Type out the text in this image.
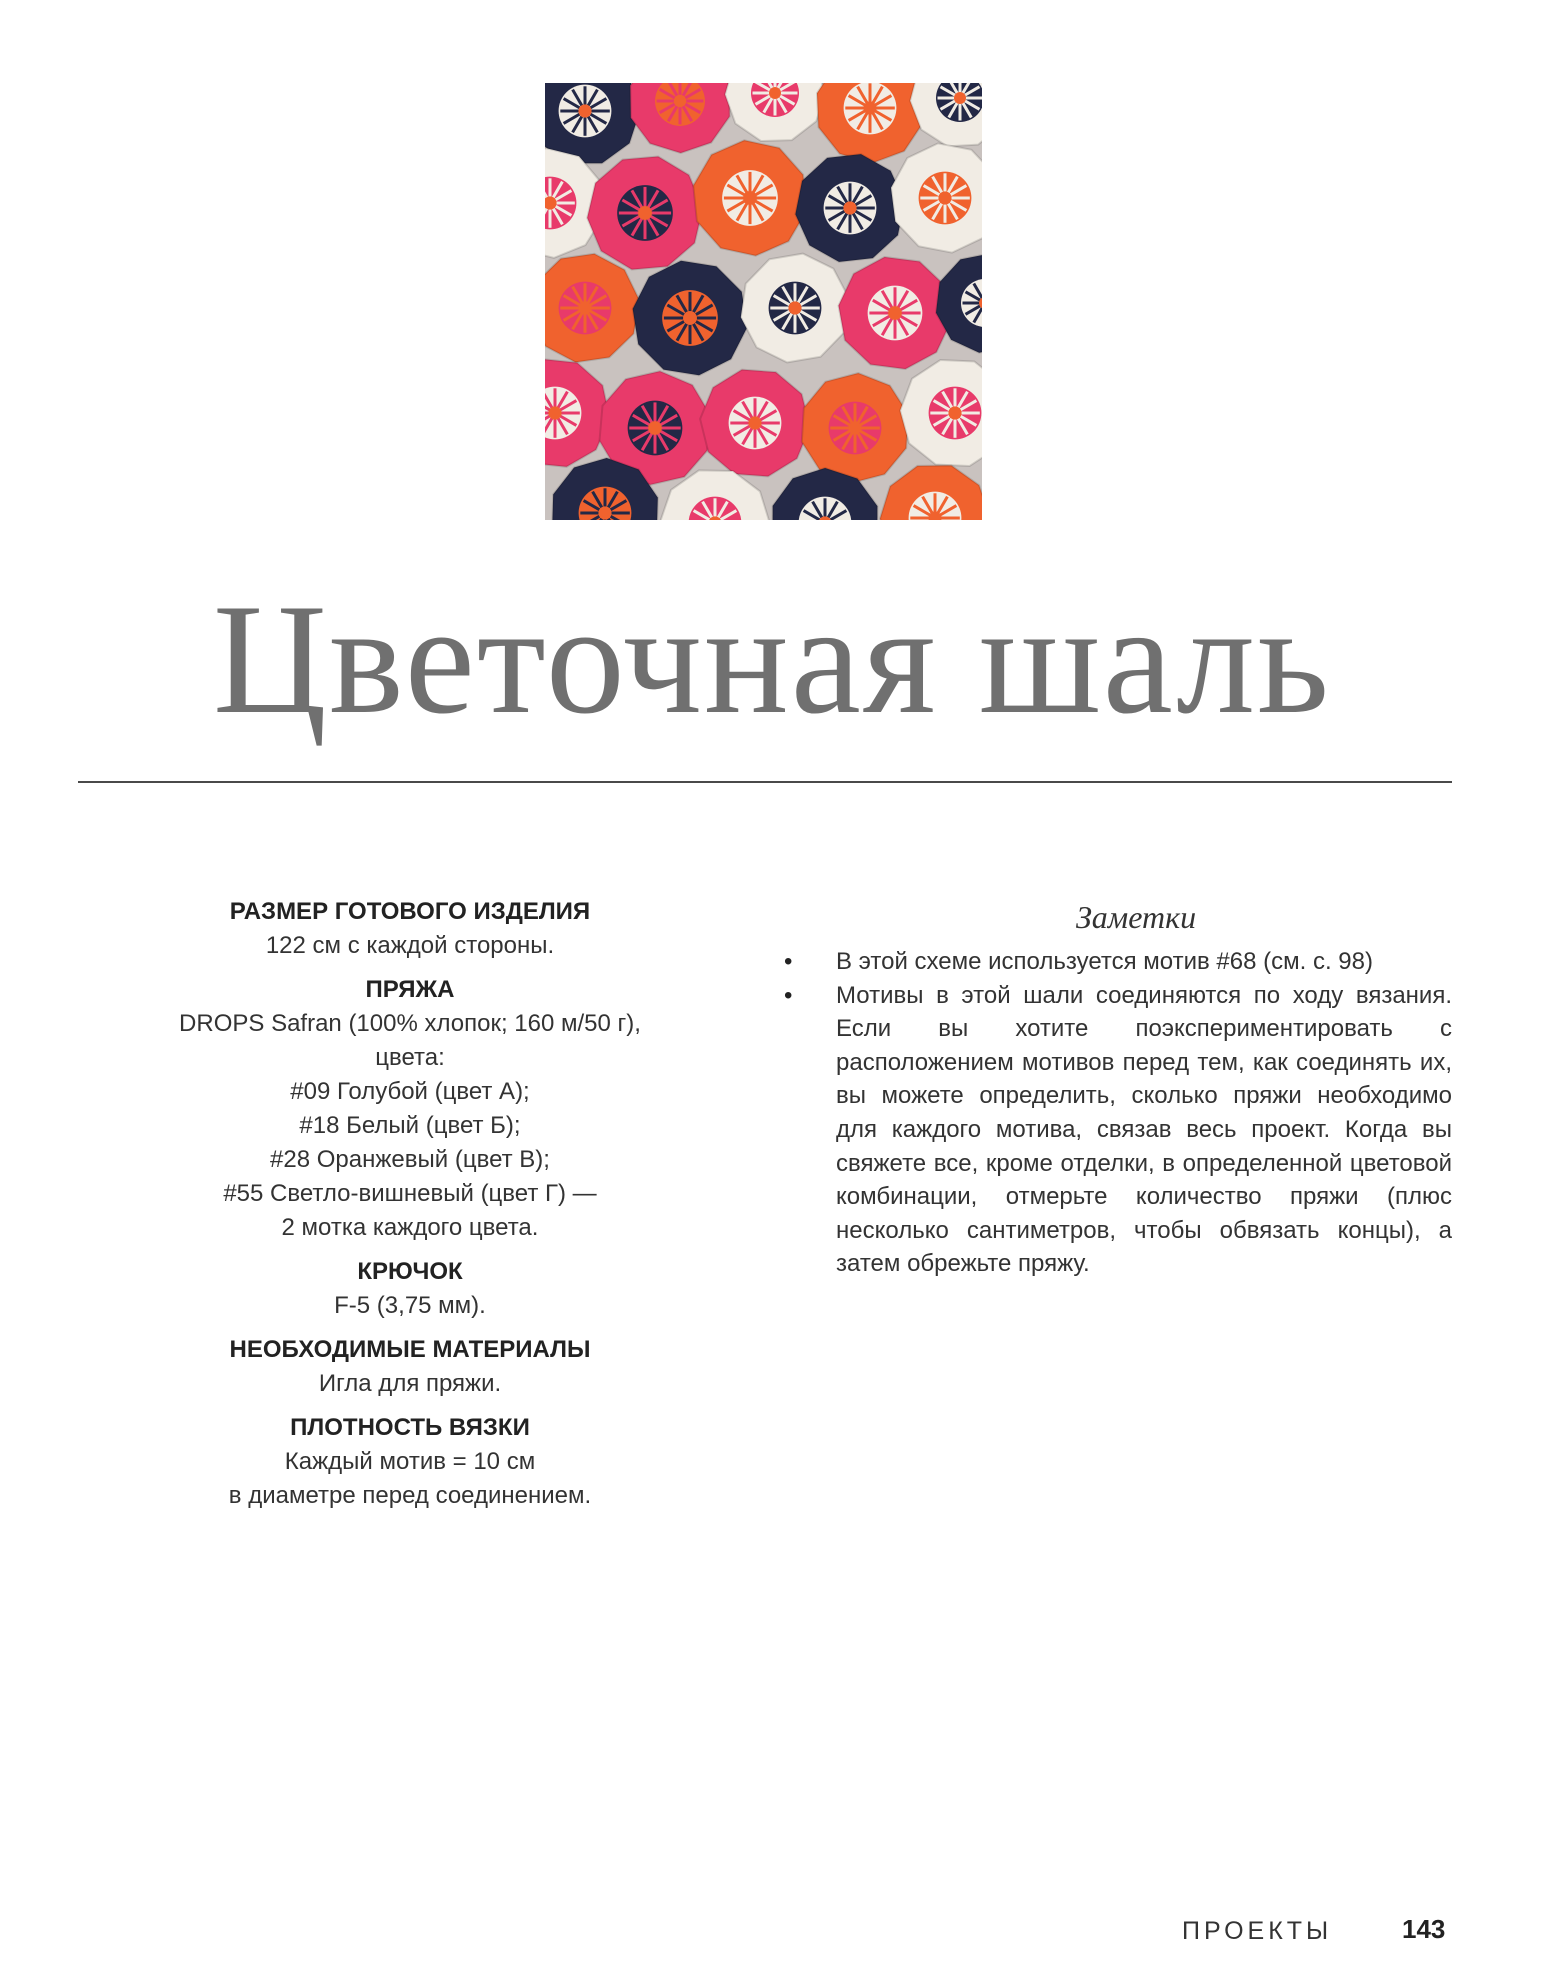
Цветочная шаль
РАЗМЕР ГОТОВОГО ИЗДЕЛИЯ
122 см с каждой стороны.
ПРЯЖА
DROPS Safran (100% хлопок; 160 м/50 г),
цвета:
#09 Голубой (цвет А);
#18 Белый (цвет Б);
#28 Оранжевый (цвет В);
#55 Светло-вишневый (цвет Г) —
2 мотка каждого цвета.
КРЮЧОК
F-5 (3,75 мм).
НЕОБХОДИМЫЕ МАТЕРИАЛЫ
Игла для пряжи.
ПЛОТНОСТЬ ВЯЗКИ
Каждый мотив = 10 см
в диаметре перед соединением.
Заметки
• В этой схеме используется мотив #68 (см. с. 98)
• Мотивы в этой шали соединяются по ходу вязания. Если вы хотите поэкспериментировать с расположением мотивов перед тем, как соединять их, вы можете определить, сколько пряжи необходимо для каждого мотива, связав весь проект. Когда вы свяжете все, кроме отделки, в определенной цветовой комбинации, отмерьте количество пряжи (плюс несколько сантиметров, чтобы обвязать концы), а затем обрежьте пряжу.
ПРОЕКТЫ	143
